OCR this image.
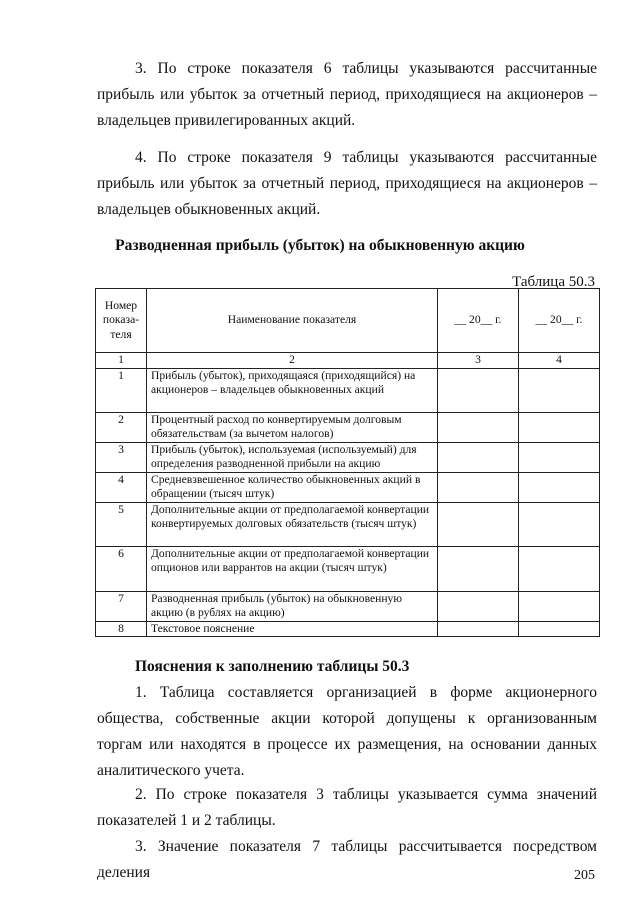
3. По строке показателя 6 таблицы указываются рассчитанные прибыль или убыток за отчетный период, приходящиеся на акционеров – владельцев привилегированных акций.

4. По строке показателя 9 таблицы указываются рассчитанные прибыль или убыток за отчетный период, приходящиеся на акционеров – владельцев обыкновенных акций.

Разводненная прибыль (убыток) на обыкновенную акцию
Таблица 50.3
Номер показа-теля	Наименование показателя	__ 20__ г.	__ 20__ г.
1	2	3	4
1	Прибыль (убыток), приходящаяся (приходящийся) на акционеров – владельцев обыкновенных акций		
2	Процентный расход по конвертируемым долговым обязательствам (за вычетом налогов)		
3	Прибыль (убыток), используемая (используемый) для определения разводненной прибыли на акцию		
4	Средневзвешенное количество обыкновенных акций в обращении (тысяч штук)		
5	Дополнительные акции от предполагаемой конвертации конвертируемых долговых обязательств (тысяч штук)		
6	Дополнительные акции от предполагаемой конвертации опционов или варрантов на акции (тысяч штук)		
7	Разводненная прибыль (убыток) на обыкновенную акцию (в рублях на акцию)		
8	Текстовое пояснение		
Пояснения к заполнению таблицы 50.3

1. Таблица составляется организацией в форме акционерного общества, собственные акции которой допущены к организованным торгам или находятся в процессе их размещения, на основании данных аналитического учета.

2. По строке показателя 3 таблицы указывается сумма значений показателей 1 и 2 таблицы.

3. Значение показателя 7 таблицы рассчитывается посредством деления	205
